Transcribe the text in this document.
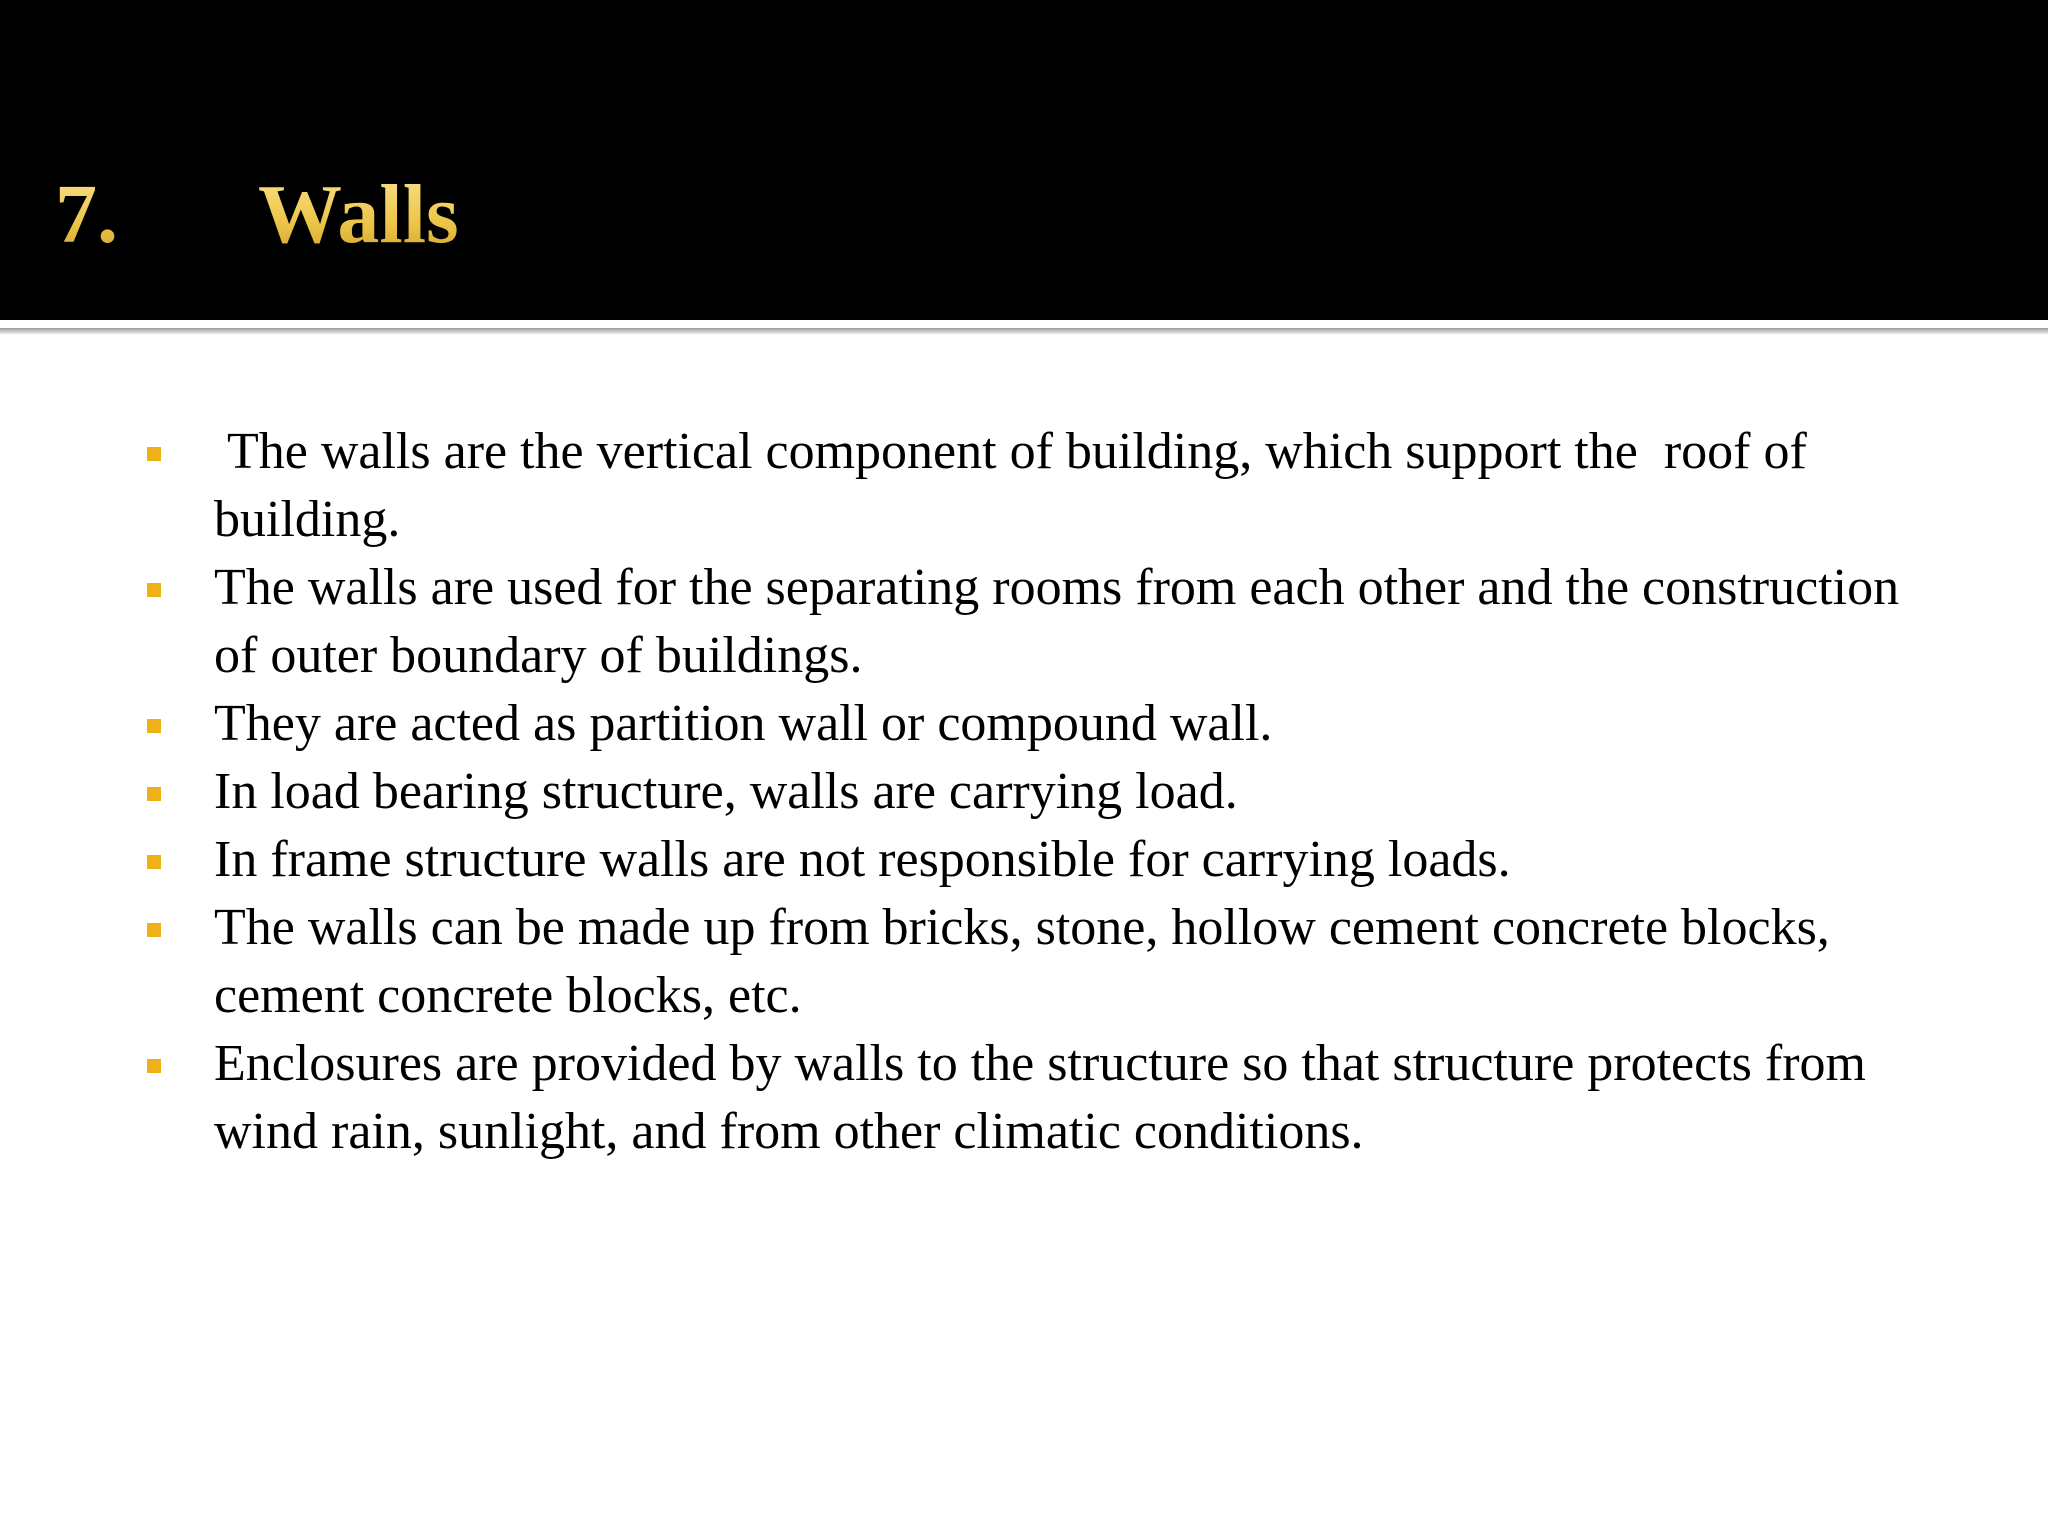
7.	Walls
The walls are the vertical component of building, which support the  roof of building.
The walls are used for the separating rooms from each other and the construction of outer boundary of buildings.
They are acted as partition wall or compound wall.
In load bearing structure, walls are carrying load.
In frame structure walls are not responsible for carrying loads.
The walls can be made up from bricks, stone, hollow cement concrete blocks, cement concrete blocks, etc.
Enclosures are provided by walls to the structure so that structure protects from wind rain, sunlight, and from other climatic conditions.
